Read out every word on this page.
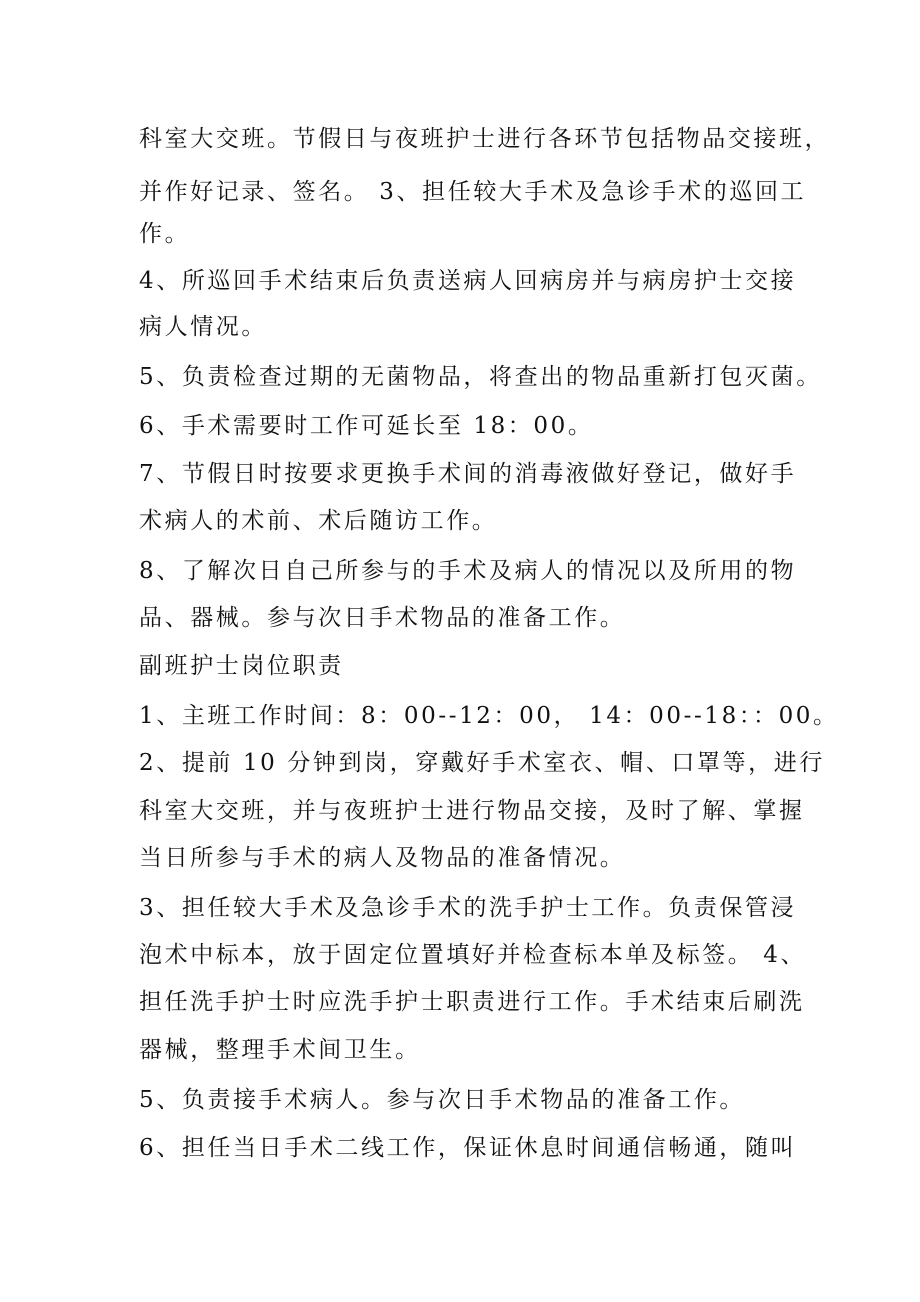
科室大交班。节假日与夜班护士进行各环节包括物品交接班，
并作好记录、签名。 3、担任较大手术及急诊手术的巡回工
作。
4、所巡回手术结束后负责送病人回病房并与病房护士交接
病人情况。
5、负责检查过期的无菌物品，将查出的物品重新打包灭菌。
6、手术需要时工作可延长至 18：00。
7、节假日时按要求更换手术间的消毒液做好登记，做好手
术病人的术前、术后随访工作。
8、了解次日自己所参与的手术及病人的情况以及所用的物
品、器械。参与次日手术物品的准备工作。
副班护士岗位职责
1、主班工作时间：8：00--12：00， 14：00--18：：00。
2、提前 10 分钟到岗，穿戴好手术室衣、帽、口罩等，进行
科室大交班，并与夜班护士进行物品交接，及时了解、掌握
当日所参与手术的病人及物品的准备情况。
3、担任较大手术及急诊手术的洗手护士工作。负责保管浸
泡术中标本，放于固定位置填好并检查标本单及标签。 4、
担任洗手护士时应洗手护士职责进行工作。手术结束后刷洗
器械，整理手术间卫生。
5、负责接手术病人。参与次日手术物品的准备工作。
6、担任当日手术二线工作，保证休息时间通信畅通，随叫
